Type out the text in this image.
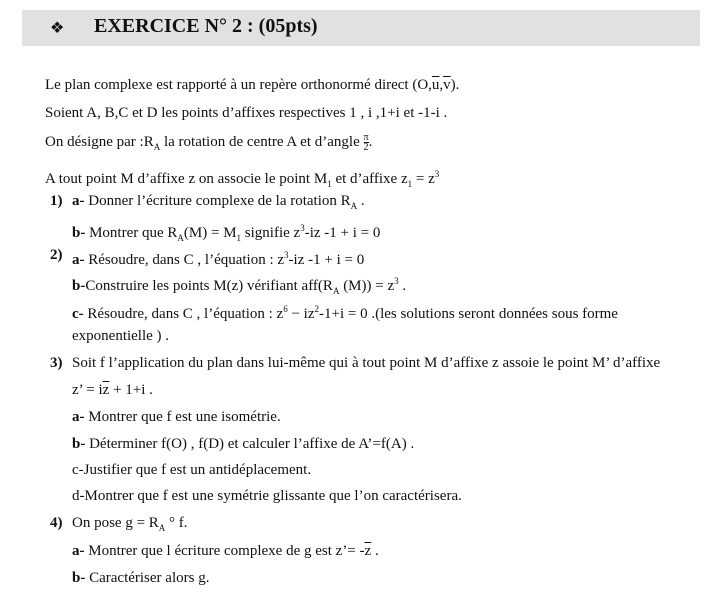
❖ EXERCICE N° 2 : (05pts)
Le plan complexe est rapporté à un repère orthonormé direct $(O,\overline{u},\overline{v})$.
Soient A, B,C et D les points d’affixes respectives 1 , i ,1+i et -1-i .
On désigne par $:R_A$ la rotation de centre A et d’angle $\frac{\pi}{2}$ .
A tout point M d’affixe z on associe le point $M_1$ et d’affixe $z_1 = z^3$
1) a- Donner l’écriture complexe de la rotation $R_A$ .
b- Montrer que $R_A(M) = M_1$ signifie $z^3-iz$ -1 + i = 0
2) a- Résoudre, dans C , l’équation : $z^3-iz$ -1 + i = 0
b-Construire les points M(z) vérifiant $aff(R_A$ $(M)) = z^3$ .
c- Résoudre, dans C , l’équation : $z^6 - iz^2-1+i = 0$ .(les solutions seront données sous forme
exponentielle ) .
3) Soit f l’application du plan dans lui-même qui à tout point M d’affixe z assoie le point M’ d’affixe
z’ = $i\overline{z} + 1+i$ .
a- Montrer que f est une isométrie.
b- Déterminer f(O) , f(D) et calculer l’affixe de A’=f(A) .
c-Justifier que f est un antidéplacement.
d-Montrer que f est une symétrie glissante que l’on caractérisera.
4) On pose $g = R_A$ ° f.
a- Montrer que l écriture complexe de g est z’= $-\overline{z}$ .
b- Caractériser alors g.
